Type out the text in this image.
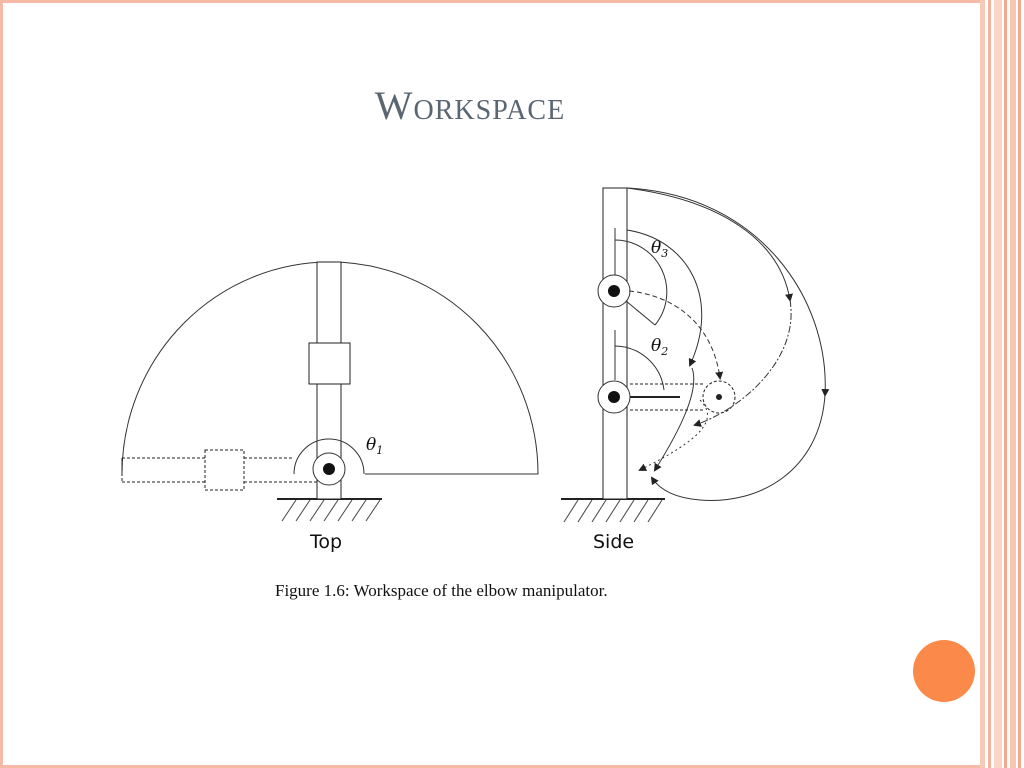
Workspace
$\theta_1$
Top
$\theta_3$
$\theta_2$
Side
Figure 1.6: Workspace of the elbow manipulator.
